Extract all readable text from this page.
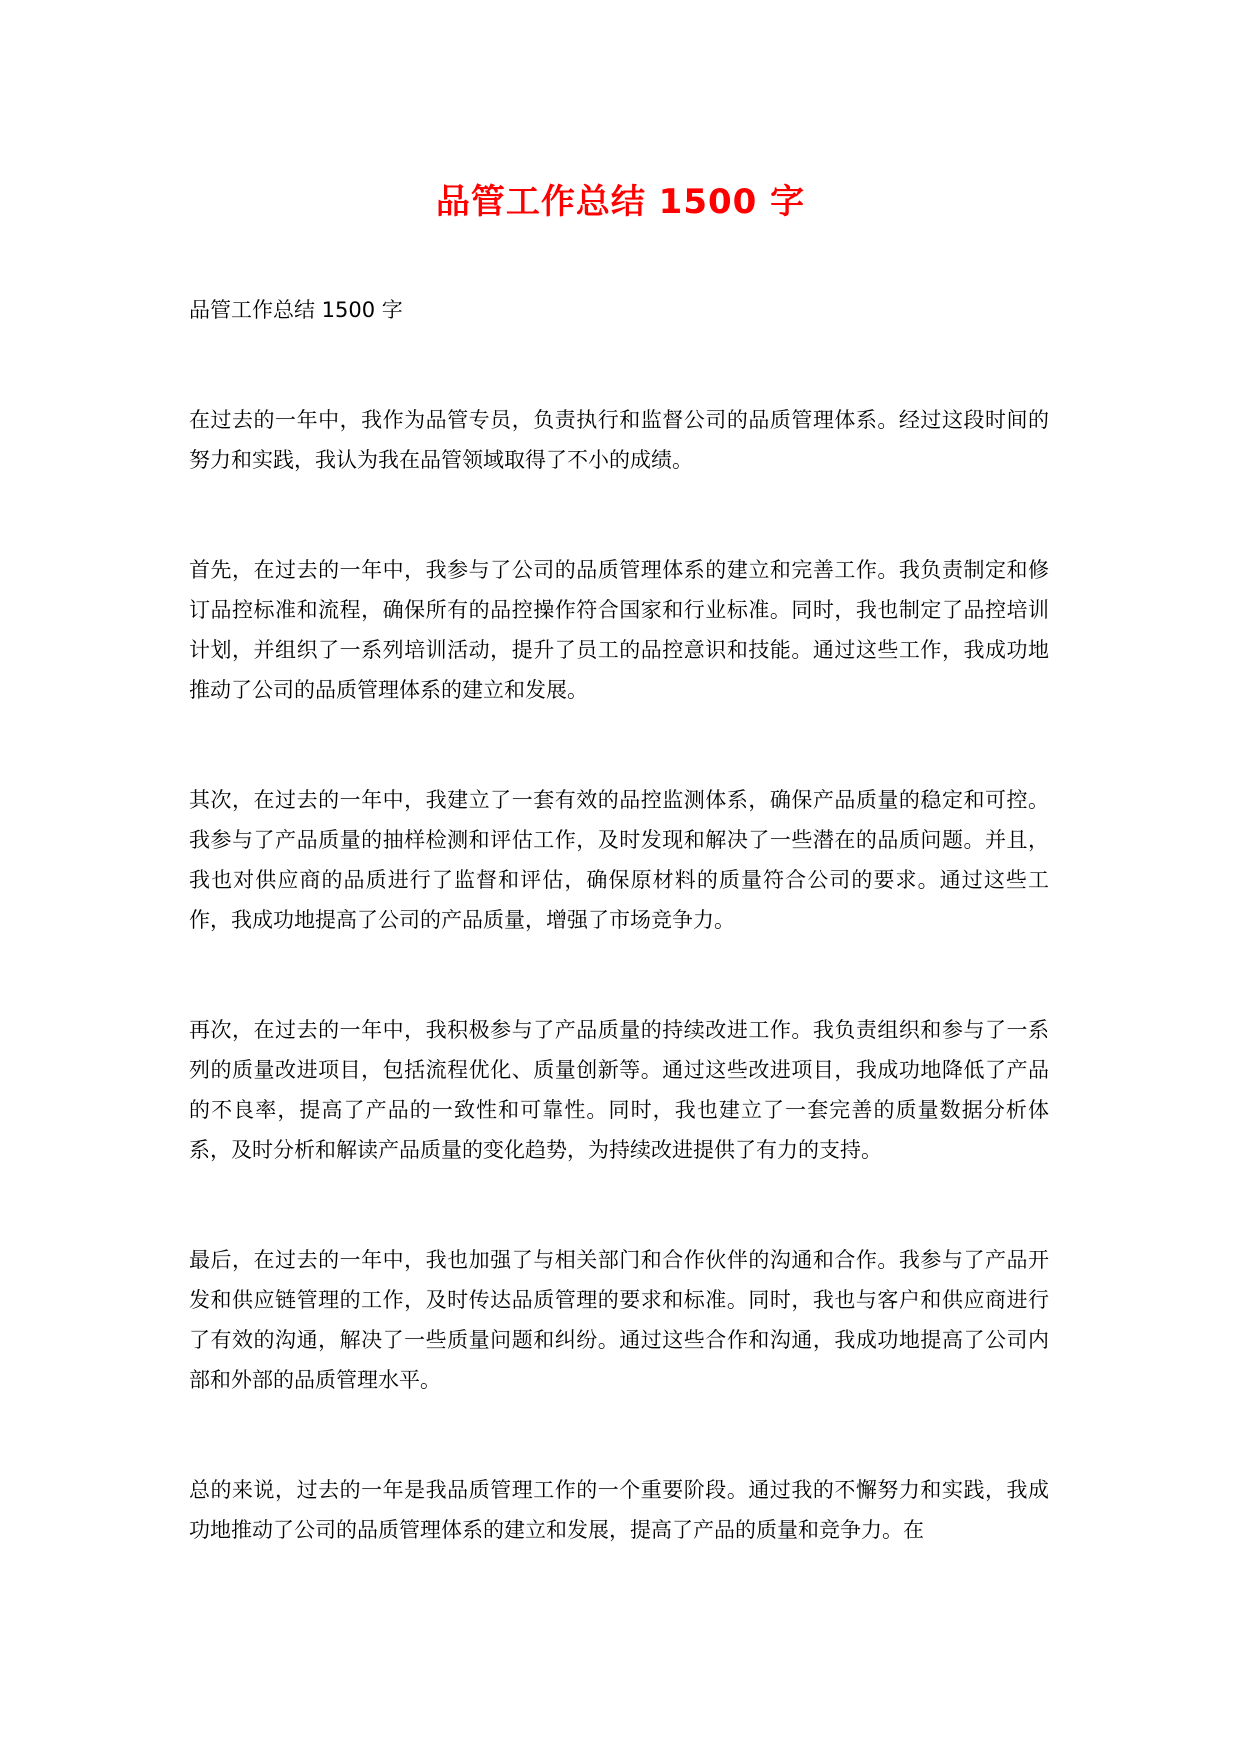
品管工作总结 1500 字

品管工作总结 1500 字

在过去的一年中，我作为品管专员，负责执行和监督公司的品质管理体系。经过这段时间的努力和实践，我认为我在品管领域取得了不小的成绩。

首先，在过去的一年中，我参与了公司的品质管理体系的建立和完善工作。我负责制定和修订品控标准和流程，确保所有的品控操作符合国家和行业标准。同时，我也制定了品控培训计划，并组织了一系列培训活动，提升了员工的品控意识和技能。通过这些工作，我成功地推动了公司的品质管理体系的建立和发展。

其次，在过去的一年中，我建立了一套有效的品控监测体系，确保产品质量的稳定和可控。我参与了产品质量的抽样检测和评估工作，及时发现和解决了一些潜在的品质问题。并且，我也对供应商的品质进行了监督和评估，确保原材料的质量符合公司的要求。通过这些工作，我成功地提高了公司的产品质量，增强了市场竞争力。

再次，在过去的一年中，我积极参与了产品质量的持续改进工作。我负责组织和参与了一系列的质量改进项目，包括流程优化、质量创新等。通过这些改进项目，我成功地降低了产品的不良率，提高了产品的一致性和可靠性。同时，我也建立了一套完善的质量数据分析体系，及时分析和解读产品质量的变化趋势，为持续改进提供了有力的支持。

最后，在过去的一年中，我也加强了与相关部门和合作伙伴的沟通和合作。我参与了产品开发和供应链管理的工作，及时传达品质管理的要求和标准。同时，我也与客户和供应商进行了有效的沟通，解决了一些质量问题和纠纷。通过这些合作和沟通，我成功地提高了公司内部和外部的品质管理水平。

总的来说，过去的一年是我品质管理工作的一个重要阶段。通过我的不懈努力和实践，我成功地推动了公司的品质管理体系的建立和发展，提高了产品的质量和竞争力。在
